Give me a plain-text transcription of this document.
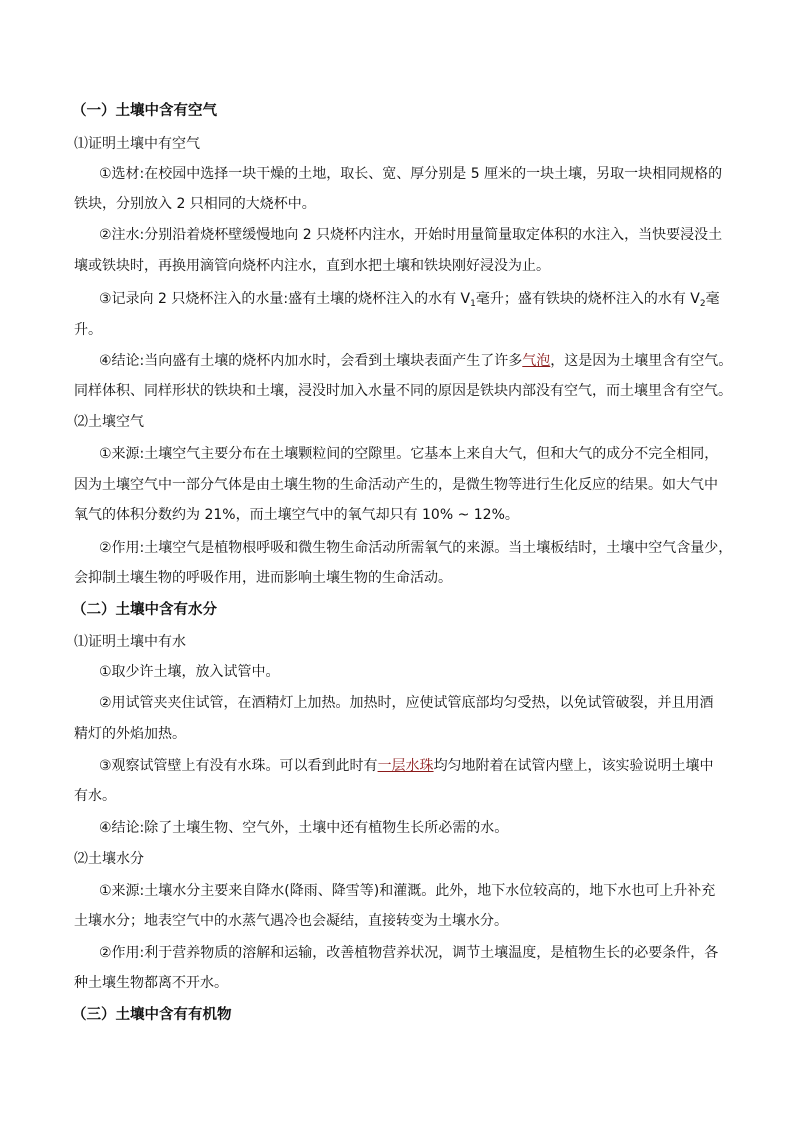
（一）土壤中含有空气
⑴证明土壤中有空气
①选材:在校园中选择一块干燥的土地，取长、宽、厚分别是 5 厘米的一块土壤，另取一块相同规格的
铁块，分别放入 2 只相同的大烧杯中。
②注水:分别沿着烧杯壁缓慢地向 2 只烧杯内注水，开始时用量简量取定体积的水注入，当快要浸没土
壤或铁块时，再换用滴管向烧杯内注水，直到水把土壤和铁块刚好浸没为止。
③记录向 2 只烧杯注入的水量:盛有土壤的烧杯注入的水有 $V_1$毫升；盛有铁块的烧杯注入的水有 $V_2$毫
升。
④结论:当向盛有土壤的烧杯内加水时，会看到土壤块表面产生了许多气泡，这是因为土壤里含有空气。
同样体积、同样形状的铁块和土壤，浸没时加入水量不同的原因是铁块内部没有空气，而土壤里含有空气。
⑵土壤空气
①来源:土壤空气主要分布在土壤颗粒间的空隙里。它基本上来自大气，但和大气的成分不完全相同，
因为土壤空气中一部分气体是由土壤生物的生命活动产生的，是微生物等进行生化反应的结果。如大气中
氧气的体积分数约为 21%，而土壤空气中的氧气却只有 10% ~ 12%。
②作用:土壤空气是植物根呼吸和微生物生命活动所需氧气的来源。当土壤板结时，土壤中空气含量少，
会抑制土壤生物的呼吸作用，进而影响土壤生物的生命活动。
（二）土壤中含有水分
⑴证明土壤中有水
①取少许土壤，放入试管中。
②用试管夹夹住试管，在酒精灯上加热。加热时，应使试管底部均匀受热，以免试管破裂，并且用酒
精灯的外焰加热。
③观察试管壁上有没有水珠。可以看到此时有一层水珠均匀地附着在试管内壁上，该实验说明土壤中
有水。
④结论:除了土壤生物、空气外，土壤中还有植物生长所必需的水。
⑵土壤水分
①来源:土壤水分主要来自降水(降雨、降雪等)和灌溉。此外，地下水位较高的，地下水也可上升补充
土壤水分；地表空气中的水蒸气遇冷也会凝结，直接转变为土壤水分。
②作用:利于营养物质的溶解和运输，改善植物营养状况，调节土壤温度，是植物生长的必要条件，各
种土壤生物都离不开水。
（三）土壤中含有有机物
